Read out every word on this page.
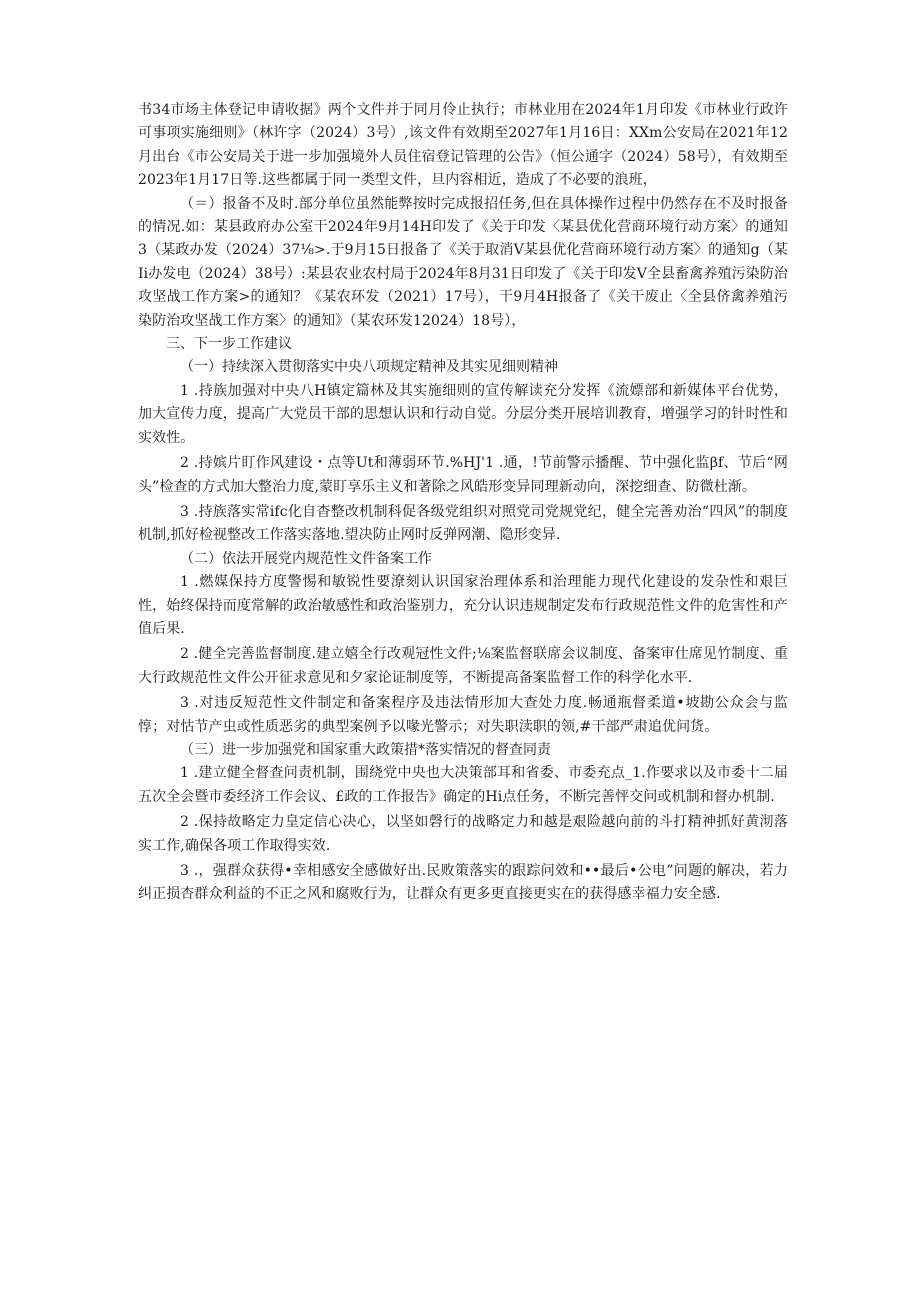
书34市场主体登记申请收据》两个文件并于同月伶止执行；市林业用在2024年1月印发《市林业行政许可事项实施细则》（林许字（2024）3号）,该文件有效期至2027年1月16日：XXm公安局在2021年12月出台《市公安局关于进一步加强境外人员住宿登记管理的公告》（恒公通字（2024）58号），有效期至2023年1月17日等.这些都属于同一类型文件，旦内容相近，造成了不必要的浪班，

（＝）报备不及时.部分单位虽然能弊按时完成报招任务,但在具体操作过程中仍然存在不及时报备的情况.如：某县政府办公室干2024年9月14H印发了《关于印发〈某县优化营商环境行动方案〉的通知3（某政办发（2024）37⅛>.于9月15日报备了《关于取消V某县优化营商环境行动方案〉的通知g（某Ii办发电（2024）38号）:某县农业农村局于2024年8月31日印发了《关于印发V全县畜禽养殖污染防治攻坚战工作方案>的通知？《某农环发（2021）17号），干9月4H报备了《关干废止〈全县侪禽养殖污染防治攻坚战工作方案〉的通知》（某农环发12024）18号），

三、下一步工作建议

（一）持续深入贯彻落实中央八项规定精神及其实见细则精神

1 .持族加强对中央八H镇定篇林及其实施细则的宣传解读充分发挥《流嫖部和新媒体平台优势，加大宣传力度，提高广大党员干部的思想认识和行动自觉。分层分类开展培训教育，增强学习的针时性和实效性。

2 .持嫔片盯作风建设・点等Ut和薄弱环节.%HJ'1 .通，!节前警示播醒、节中强化监βf、节后“网头”检查的方式加大整治力度,蒙盯享乐主义和著除之风皓形变异同理新动向，深挖细查、防微杜渐。

3 .持族落实常ifc化自杳整改机制科促各级党组织对照党司党规党纪，健全完善劝治“四风”的制度机制,抓好检视整改工作落实落地.望决防止网时反弹网潮、隐形变异.

（二）依法开展党内规范性文件备案工作

1 .燃媒保持方度警惕和敏锐性要潦刻认识国家治理体系和治理能力现代化建设的发杂性和艰巨性，始终保持而度常解的政治敏感性和政治鉴别力，充分认识违规制定发布行政规范性文件的危害性和产值后果.

2 .健全完善监督制度.建立嬉全行改观冠性文件;⅛案监督联席会议制度、备案审仕席见竹制度、重大行政规范性文件公开征求意见和夕家论证制度等，不断提高备案监督工作的科学化水平.

3 .对违反短范性文件制定和备案程序及违法情形加大查处力度.畅通瓶督柔道•坡勘公众会与监惇；对怙节产虫或性质恶劣的典型案例予以喙光警示；对失职渎职的领,#干部严肃追优问货。

（三）进一步加强党和国家重大政策措*落实情况的督查同责

1 .建立健全督查问责机制，围绕党中央也大决策部耳和省委、市委充点_1.作要求以及市委十二届五次全会暨市委经济工作会议、£政的工作报告》确定的Hi点任务，不断完善怦交问或机制和督办机制.

2 .保持故略定力皇定信心决心，以坚如磬行的战略定力和越是艰险越向前的斗打精神抓好黄沏落实工作,确保各项工作取得实效.

3 .，强群众获得•幸相感安全感做好出.民败策落实的跟踪问效和••最后•公电”问题的解决，若力纠正损杏群众利益的不正之风和腐败行为，让群众有更多更直接更实在的获得感幸福力安全感.
